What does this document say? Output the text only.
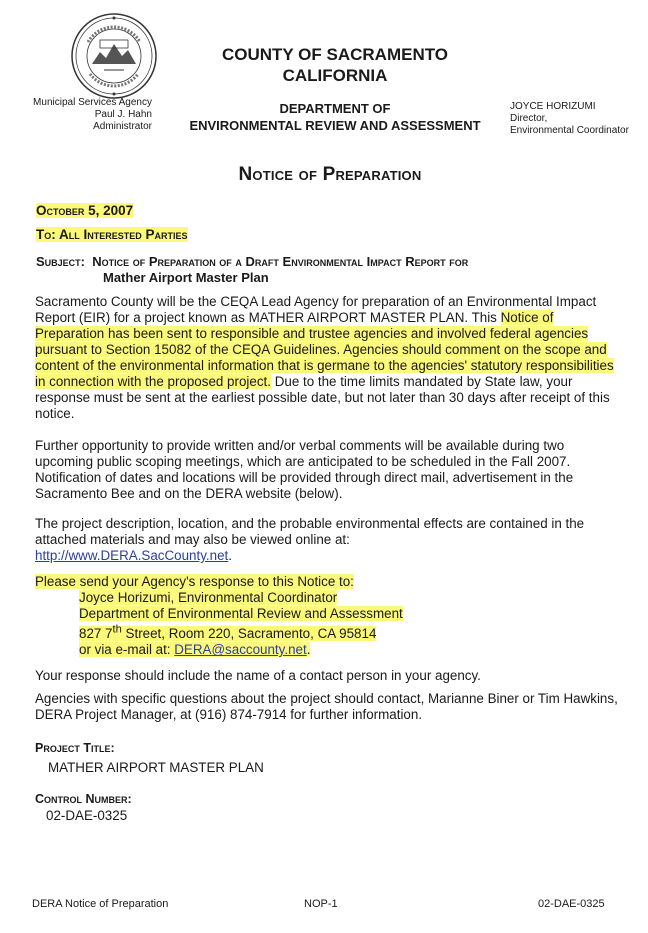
Municipal Services Agency
Paul J. Hahn
Administrator
COUNTY OF SACRAMENTO
CALIFORNIA
DEPARTMENT OF
ENVIRONMENTAL REVIEW AND ASSESSMENT
JOYCE HORIZUMI
Director,
Environmental Coordinator
Notice of Preparation
October 5, 2007
To: All Interested Parties
Subject: Notice of Preparation of a Draft Environmental Impact Report for
Mather Airport Master Plan
Sacramento County will be the CEQA Lead Agency for preparation of an Environmental Impact Report (EIR) for a project known as MATHER AIRPORT MASTER PLAN. This Notice of Preparation has been sent to responsible and trustee agencies and involved federal agencies pursuant to Section 15082 of the CEQA Guidelines. Agencies should comment on the scope and content of the environmental information that is germane to the agencies' statutory responsibilities in connection with the proposed project. Due to the time limits mandated by State law, your response must be sent at the earliest possible date, but not later than 30 days after receipt of this notice.
Further opportunity to provide written and/or verbal comments will be available during two upcoming public scoping meetings, which are anticipated to be scheduled in the Fall 2007. Notification of dates and locations will be provided through direct mail, advertisement in the Sacramento Bee and on the DERA website (below).
The project description, location, and the probable environmental effects are contained in the attached materials and may also be viewed online at:
http://www.DERA.SacCounty.net.
Please send your Agency's response to this Notice to:
Joyce Horizumi, Environmental Coordinator
Department of Environmental Review and Assessment
827 7th Street, Room 220, Sacramento, CA 95814
or via e-mail at: DERA@saccounty.net.
Your response should include the name of a contact person in your agency.
Agencies with specific questions about the project should contact, Marianne Biner or Tim Hawkins, DERA Project Manager, at (916) 874-7914 for further information.
Project Title:
MATHER AIRPORT MASTER PLAN
Control Number:
02-DAE-0325
DERA Notice of Preparation	NOP-1	02-DAE-0325
